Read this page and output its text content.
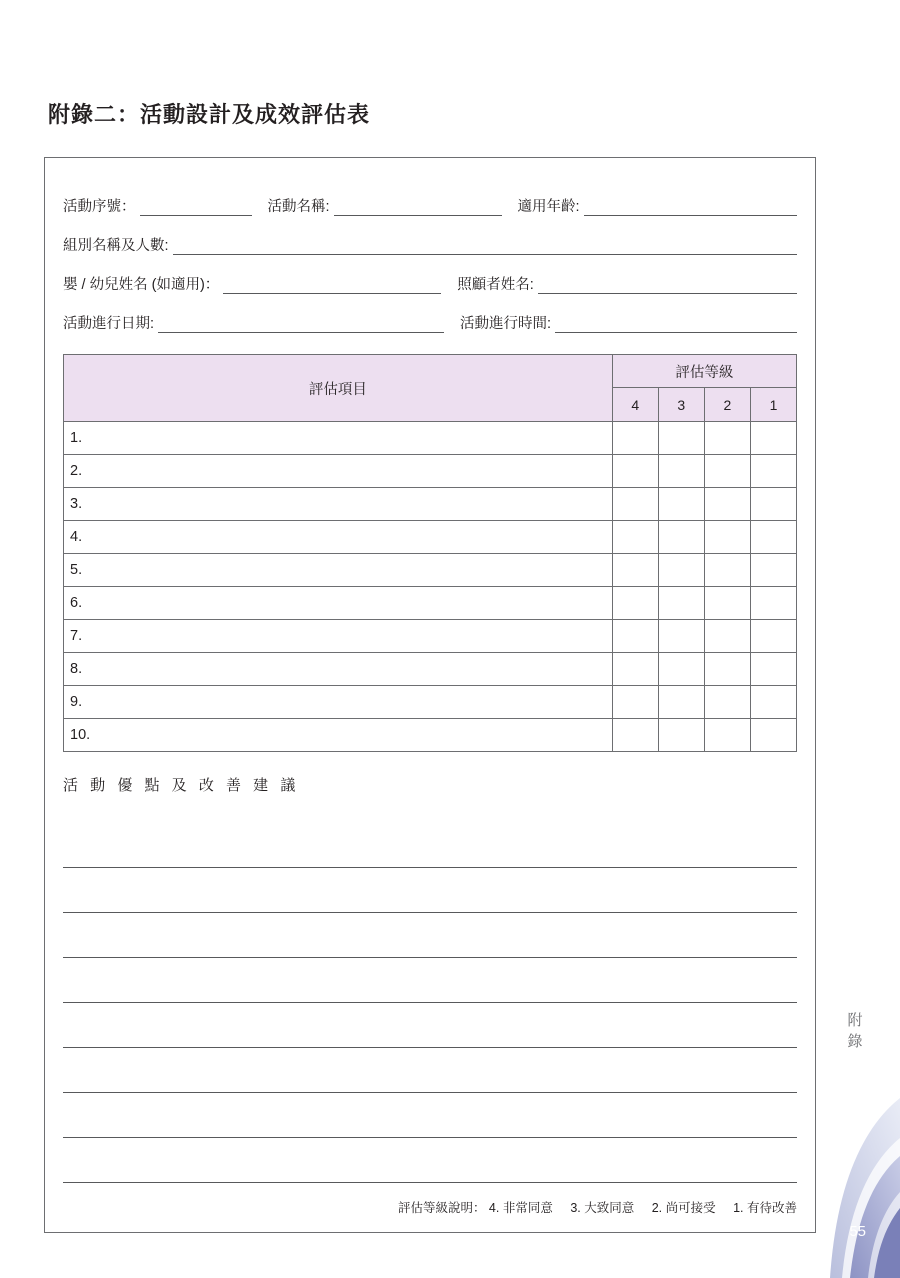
附錄二：活動設計及成效評估表
活動序號：	活動名稱:	適用年齡:
組別名稱及人數:
嬰 / 幼兒姓名 (如適用)：	照顧者姓名:
活動進行日期:	活動進行時間:
評估項目	評估等級			
	4	3	2	1
1.				
2.				
3.				
4.				
5.				
6.				
7.				
8.				
9.				
10.				
活 動 優 點 及 改 善 建 議
評估等級說明： 4. 非常同意 3. 大致同意 2. 尚可接受 1. 有待改善
附錄
55
